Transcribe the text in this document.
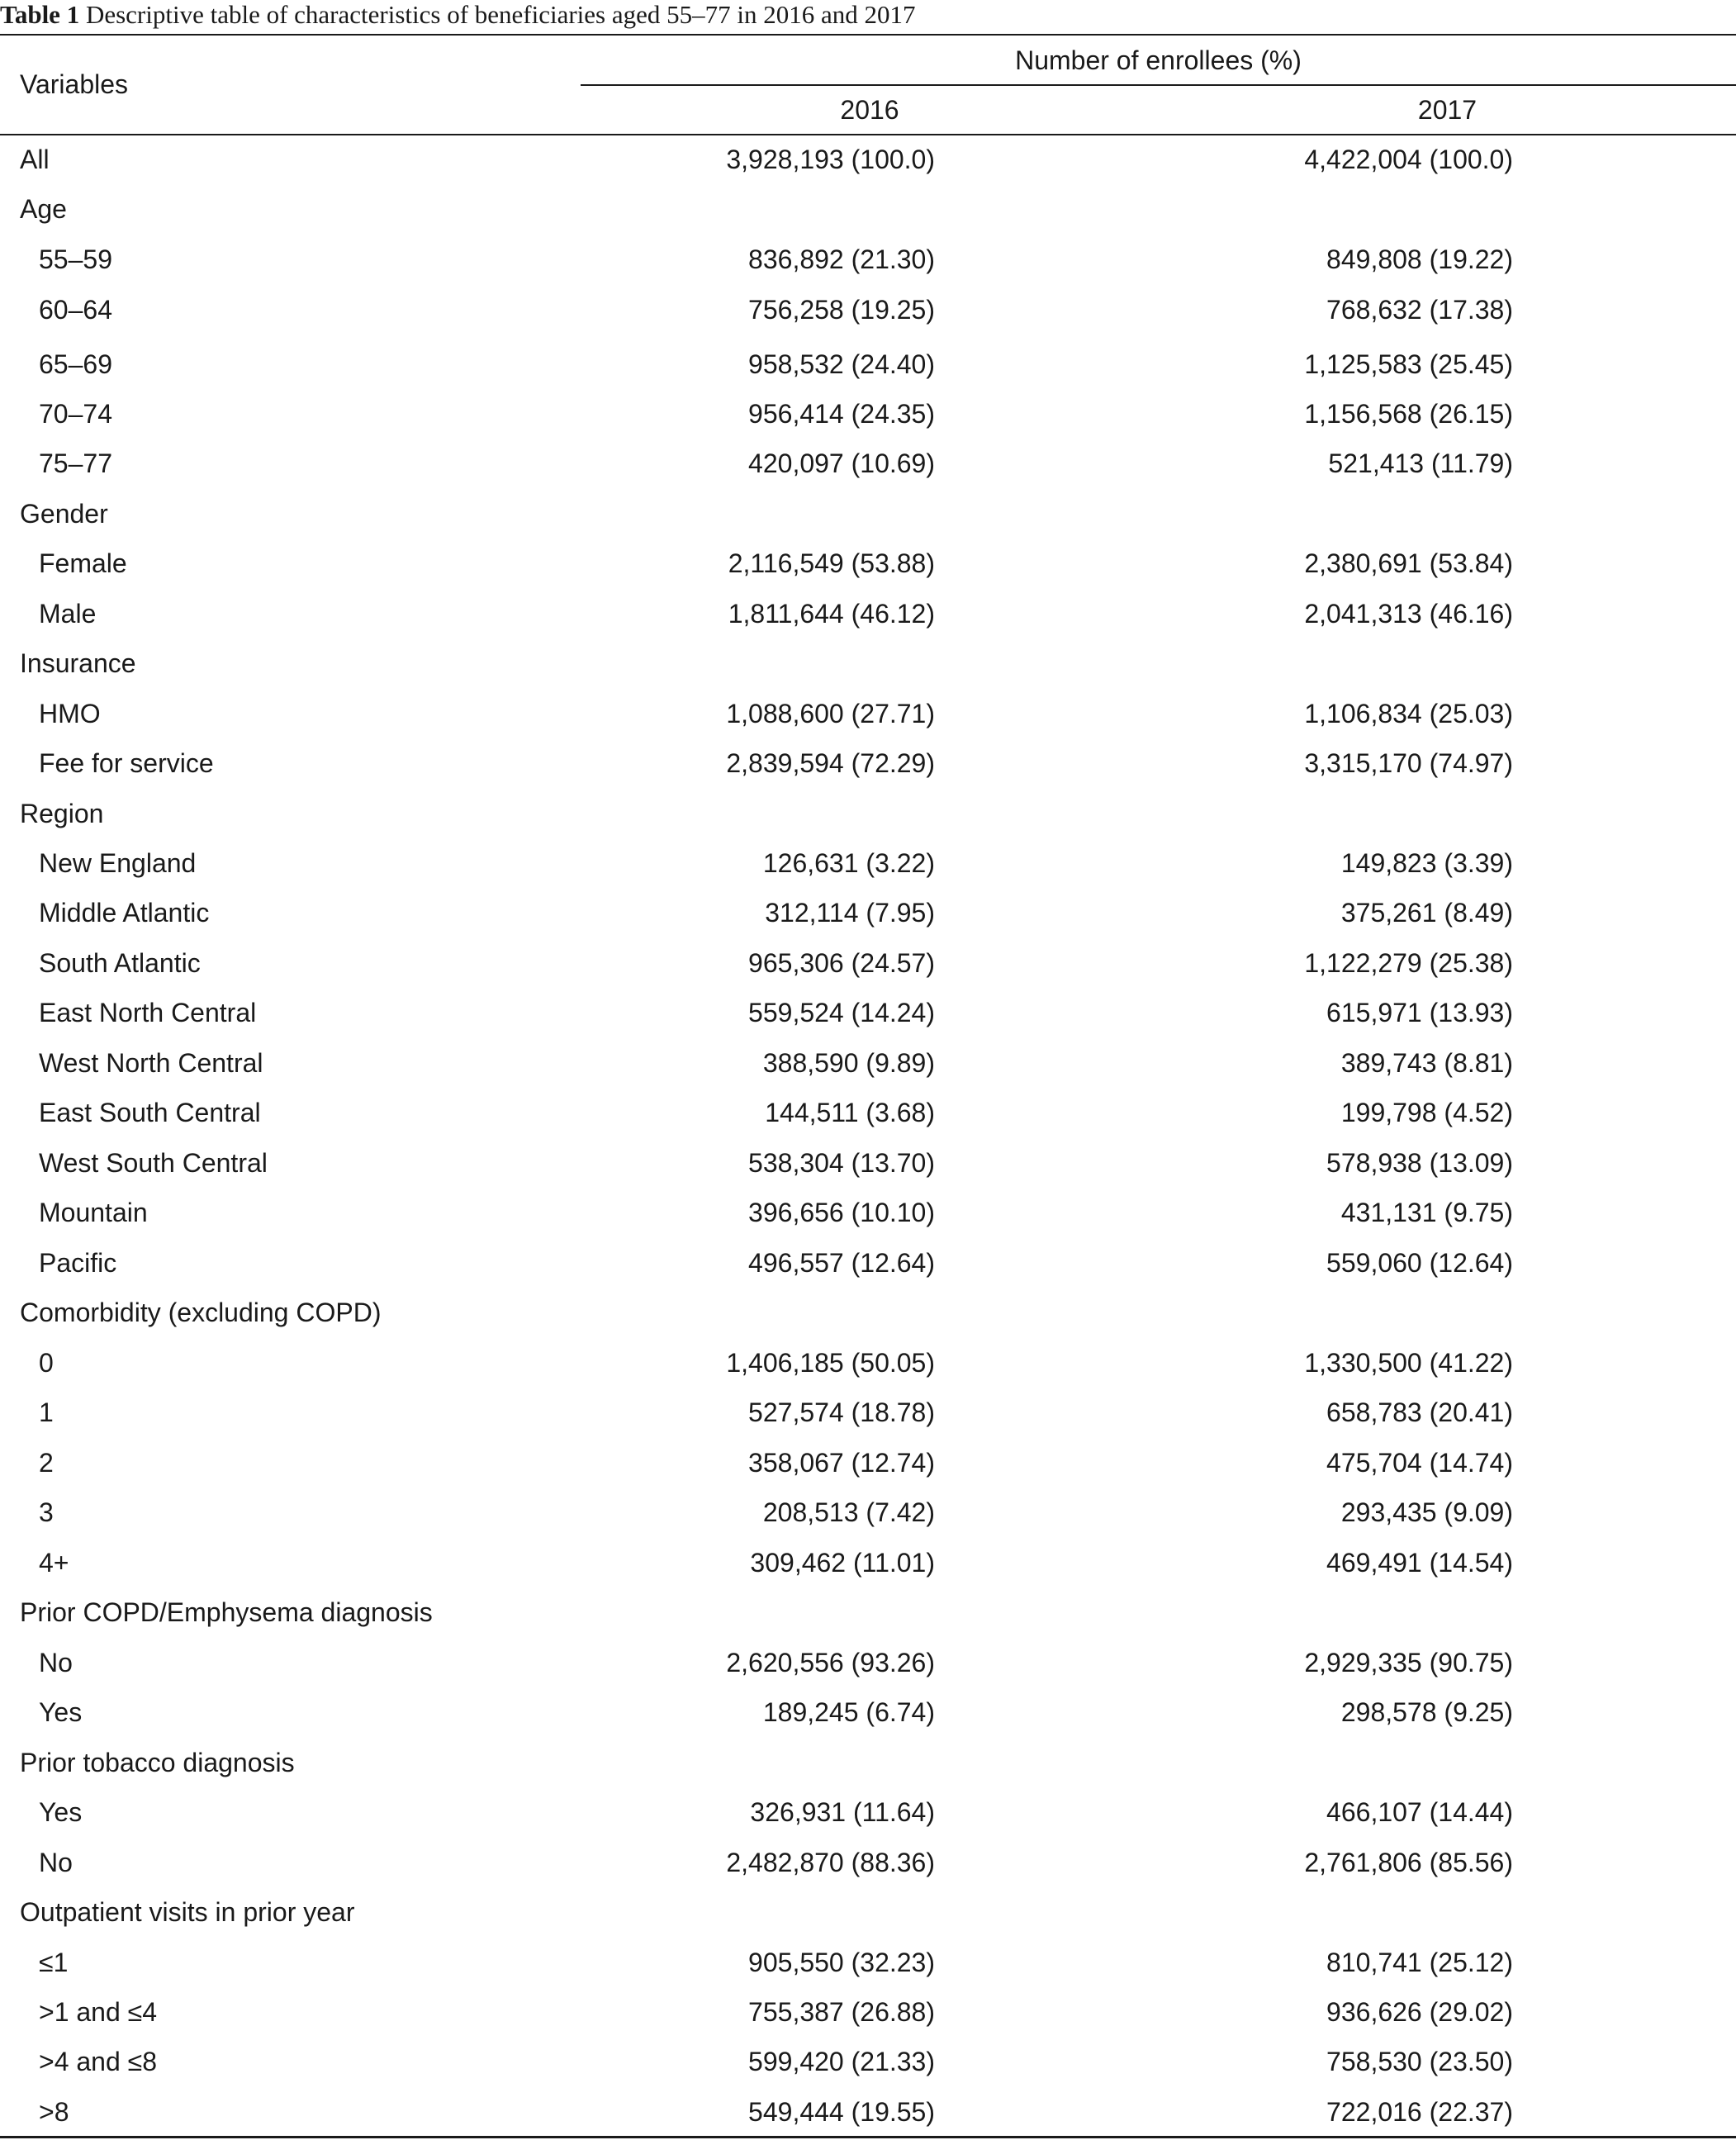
Table 1 Descriptive table of characteristics of beneficiaries aged 55–77 in 2016 and 2017
Variables
Number of enrollees (%)
2016	2017
All	3,928,193 (100.0)	4,422,004 (100.0)
Age
55–59	836,892 (21.30)	849,808 (19.22)
60–64	756,258 (19.25)	768,632 (17.38)
65–69	958,532 (24.40)	1,125,583 (25.45)
70–74	956,414 (24.35)	1,156,568 (26.15)
75–77	420,097 (10.69)	521,413 (11.79)
Gender
Female	2,116,549 (53.88)	2,380,691 (53.84)
Male	1,811,644 (46.12)	2,041,313 (46.16)
Insurance
HMO	1,088,600 (27.71)	1,106,834 (25.03)
Fee for service	2,839,594 (72.29)	3,315,170 (74.97)
Region
New England	126,631 (3.22)	149,823 (3.39)
Middle Atlantic	312,114 (7.95)	375,261 (8.49)
South Atlantic	965,306 (24.57)	1,122,279 (25.38)
East North Central	559,524 (14.24)	615,971 (13.93)
West North Central	388,590 (9.89)	389,743 (8.81)
East South Central	144,511 (3.68)	199,798 (4.52)
West South Central	538,304 (13.70)	578,938 (13.09)
Mountain	396,656 (10.10)	431,131 (9.75)
Pacific	496,557 (12.64)	559,060 (12.64)
Comorbidity (excluding COPD)
0	1,406,185 (50.05)	1,330,500 (41.22)
1	527,574 (18.78)	658,783 (20.41)
2	358,067 (12.74)	475,704 (14.74)
3	208,513 (7.42)	293,435 (9.09)
4+	309,462 (11.01)	469,491 (14.54)
Prior COPD/Emphysema diagnosis
No	2,620,556 (93.26)	2,929,335 (90.75)
Yes	189,245 (6.74)	298,578 (9.25)
Prior tobacco diagnosis
Yes	326,931 (11.64)	466,107 (14.44)
No	2,482,870 (88.36)	2,761,806 (85.56)
Outpatient visits in prior year
≤1	905,550 (32.23)	810,741 (25.12)
>1 and ≤4	755,387 (26.88)	936,626 (29.02)
>4 and ≤8	599,420 (21.33)	758,530 (23.50)
>8	549,444 (19.55)	722,016 (22.37)
